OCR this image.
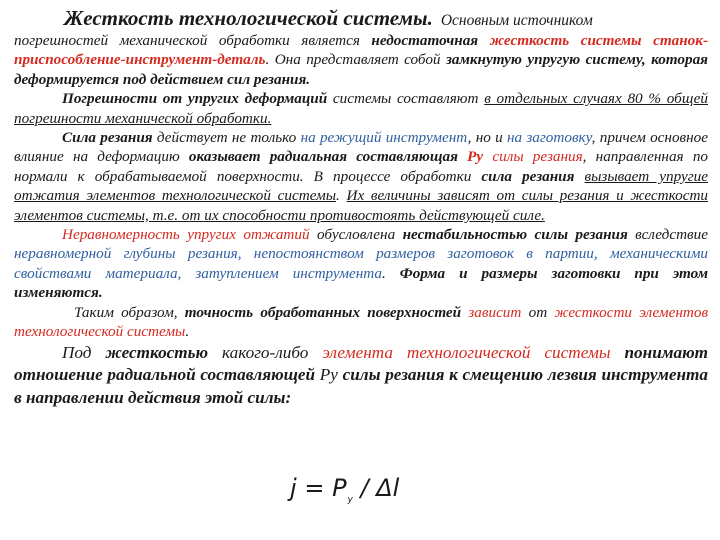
Жесткость технологической системы. Основным источником

погрешностей механической обработки является недостаточная жесткость системы станок-приспособление-инструмент-деталь. Она представляет собой замкнутую упругую систему, которая деформируется под действием сил резания.

Погрешности от упругих деформаций системы составляют в отдельных случаях 80 % общей погрешности механической обработки.

Сила резания действует не только на режущий инструмент, но и на заготовку, причем основное влияние на деформацию оказывает радиальная составляющая Py силы резания, направленная по нормали к обрабатываемой поверхности. В процессе обработки сила резания вызывает упругие отжатия элементов технологической системы. Их величины зависят от силы резания и жесткости элементов системы, т.е. от их способности противостоять действующей силе.

Неравномерность упругих отжатий обусловлена нестабильностью силы резания вследствие неравномерной глубины резания, непостоянством размеров заготовок в партии, механическими свойствами материала, затуплением инструмента. Форма и размеры заготовки при этом изменяются.

Таким образом, точность обработанных поверхностей зависит от жесткости элементов технологической системы.

Под жесткостью какого-либо элемента технологической системы понимают отношение радиальной составляющей Py силы резания к смещению лезвия инструмента в направлении действия этой силы:

$j = P_y / \Delta l$
